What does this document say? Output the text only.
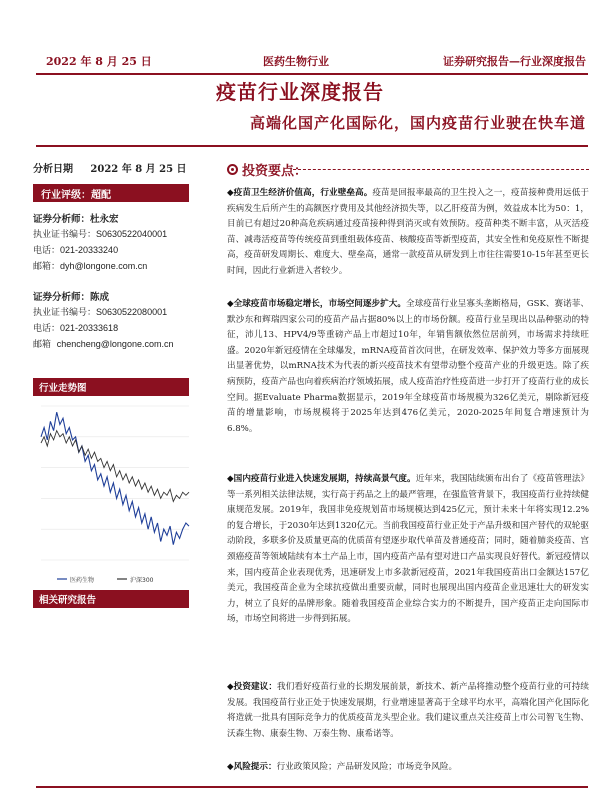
2022 年 8 月 25 日	医药生物行业	证券研究报告—行业深度报告
疫苗行业深度报告
高端化国产化国际化，国内疫苗行业驶在快车道
分析日期 2022 年 8 月 25 日
行业评级：超配
证券分析师：杜永宏
执业证书编号：S0630522040001
电话：021-20333240
邮箱：dyh@longone.com.cn
证券分析师：陈成
执业证书编号：S0630522080001
电话：021-20333618
邮箱 chencheng@longone.com.cn
行业走势图
医药生物	沪深300
相关研究报告
投资要点：
◆疫苗卫生经济价值高，行业壁垒高。疫苗是回报率最高的卫生投入之一，疫苗接种费用远低于疾病发生后所产生的高额医疗费用及其他经济损失等，以乙肝疫苗为例，效益成本比为50：1，目前已有超过20种高危疾病通过疫苗接种得到消灭或有效预防。疫苗种类不断丰富，从灭活疫苗、减毒活疫苗等传统疫苗到重组载体疫苗、核酸疫苗等新型疫苗，其安全性和免疫原性不断提高，疫苗研发周期长、难度大、壁垒高，通常一款疫苗从研发到上市往往需要10-15年甚至更长时间，因此行业新进入者较少。
◆全球疫苗市场稳定增长，市场空间逐步扩大。全球疫苗行业呈寡头垄断格局，GSK、赛诺菲、默沙东和辉瑞四家公司的疫苗产品占据80%以上的市场份额。疫苗行业呈现出以品种驱动的特征，沛儿13、HPV4/9等重磅产品上市超过10年，年销售额依然位居前列，市场需求持续旺盛。2020年新冠疫情在全球爆发，mRNA疫苗首次问世，在研发效率、保护效力等多方面展现出显著优势，以mRNA技术为代表的新兴疫苗技术有望带动整个疫苗产业的升级更迭。除了疾病预防，疫苗产品也向着疾病治疗领域拓展，成人疫苗治疗性疫苗进一步打开了疫苗行业的成长空间。据Evaluate Pharma数据显示，2019年全球疫苗市场规模为326亿美元，剔除新冠疫苗的增量影响，市场规模将于2025年达到476亿美元，2020-2025年间复合增速预计为6.8%。
◆国内疫苗行业进入快速发展期，持续高景气度。近年来，我国陆续颁布出台了《疫苗管理法》等一系列相关法律法规，实行高于药品之上的最严管理，在强监管背景下，我国疫苗行业持续健康规范发展。2019年，我国非免疫规划苗市场规模达到425亿元，预计未来十年将实现12.2%的复合增长，于2030年达到1320亿元。当前我国疫苗行业正处于产品升级和国产替代的双轮驱动阶段，多联多价及质量更高的优质苗有望逐步取代单苗及普通疫苗；同时，随着肺炎疫苗、宫颈癌疫苗等领域陆续有本土产品上市，国内疫苗产品有望对进口产品实现良好替代。新冠疫情以来，国内疫苗企业表现优秀，迅速研发上市多款新冠疫苗，2021年我国疫苗出口金额达157亿美元，我国疫苗企业为全球抗疫做出重要贡献，同时也展现出国内疫苗企业迅速壮大的研发实力，树立了良好的品牌形象。随着我国疫苗企业综合实力的不断提升，国产疫苗正走向国际市场，市场空间将进一步得到拓展。
◆投资建议：我们看好疫苗行业的长期发展前景，新技术、新产品将推动整个疫苗行业的可持续发展。我国疫苗行业正处于快速发展期，行业增速显著高于全球平均水平，高端化国产化国际化将造就一批具有国际竞争力的优质疫苗龙头型企业。我们建议重点关注疫苗上市公司智飞生物、沃森生物、康泰生物、万泰生物、康希诺等。
◆风险提示：行业政策风险；产品研发风险；市场竞争风险。
